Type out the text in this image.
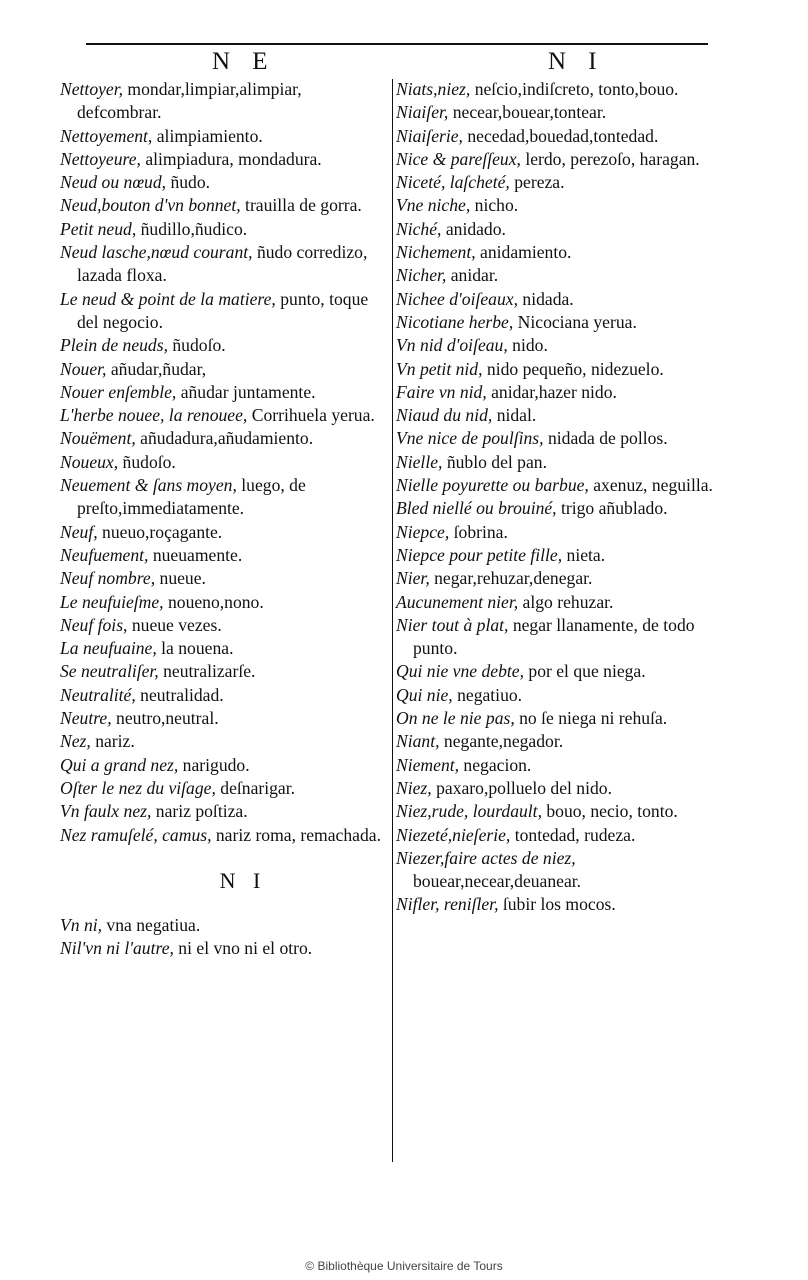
N E	N I
Nettoyer, mondar,limpiar,alimpiar, defcombrar.
Nettoyement, alimpiamiento.
Nettoyeure, alimpiadura, mondadura.
Neud ou nœud, ñudo.
Neud,bouton d'vn bonnet, trauilla de gorra.
Petit neud, ñudillo,ñudico.
Neud lasche,nœud courant, ñudo corredizo, lazada floxa.
Le neud & point de la matiere, punto, toque del negocio.
Plein de neuds, ñudoſo.
Nouer, añudar,ñudar,
Nouer enſemble, añudar juntamente.
L'herbe nouee, la renouee, Corrihuela yerua.
Nouëment, añudadura,añudamiento.
Noueux, ñudoſo.
Neuement & ſans moyen, luego, de preſto,immediatamente.
Neuf, nueuo,roçagante.
Neufuement, nueuamente.
Neuf nombre, nueue.
Le neufuieſme, noueno,nono.
Neuf fois, nueue vezes.
La neufuaine, la nouena.
Se neutraliſer, neutralizarſe.
Neutralité, neutralidad.
Neutre, neutro,neutral.
Nez, nariz.
Qui a grand nez, narigudo.
Oſter le nez du viſage, deſnarigar.
Vn faulx nez, nariz poſtiza.
Nez ramuſelé, camus, nariz roma, remachada.
N I
Vn ni, vna negatiua.
Nil'vn ni l'autre, ni el vno ni el otro.
Niats,niez, neſcio,indiſcreto, tonto,bouo.
Niaiſer, necear,bouear,tontear.
Niaiſerie, necedad,bouedad,tontedad.
Nice & pareſſeux, lerdo, perezoſo, haragan.
Niceté, laſcheté, pereza.
Vne niche, nicho.
Niché, anidado.
Nichement, anidamiento.
Nicher, anidar.
Nichee d'oiſeaux, nidada.
Nicotiane herbe, Nicociana yerua.
Vn nid d'oiſeau, nido.
Vn petit nid, nido pequeño, nidezuelo.
Faire vn nid, anidar,hazer nido.
Niaud du nid, nidal.
Vne nice de poulſins, nidada de pollos.
Nielle, ñublo del pan.
Nielle poyurette ou barbue, axenuz, neguilla.
Bled niellé ou brouiné, trigo añublado.
Niepce, ſobrina.
Niepce pour petite fille, nieta.
Nier, negar,rehuzar,denegar.
Aucunement nier, algo rehuzar.
Nier tout à plat, negar llanamente, de todo punto.
Qui nie vne debte, por el que niega.
Qui nie, negatiuo.
On ne le nie pas, no ſe niega ni rehuſa.
Niant, negante,negador.
Niement, negacion.
Niez, paxaro,polluelo del nido.
Niez,rude, lourdault, bouo, necio, tonto.
Niezeté,nieſerie, tontedad, rudeza.
Niezer,faire actes de niez, bouear,necear,deuanear.
Nifler, reniſler, ſubir los mocos.
© Bibliothèque Universitaire de Tours
